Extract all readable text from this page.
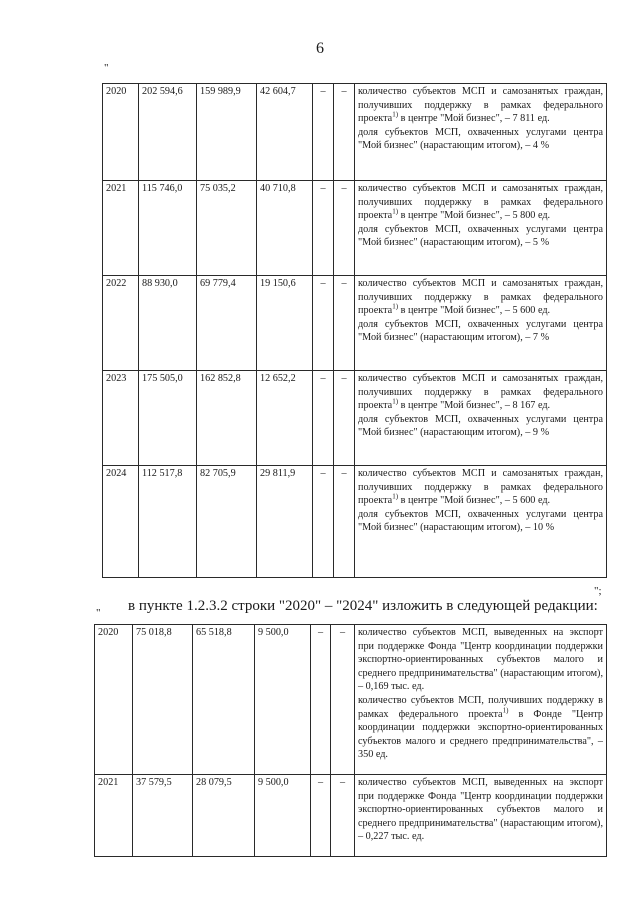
6
"
2020	202 594,6	159 989,9	42 604,7	–	–	количество субъектов МСП и самозанятых граждан, получивших поддержку в рамках федерального проекта$^{1)}$ в центре "Мой бизнес", – 7 811 ед.

доля субъектов МСП, охваченных услугами центра "Мой бизнес" (нарастающим итогом), – 4 %

2021	115 746,0	75 035,2	40 710,8	–	–	количество субъектов МСП и самозанятых граждан, получивших поддержку в рамках федерального проекта$^{1)}$ в центре "Мой бизнес", – 5 800 ед.

доля субъектов МСП, охваченных услугами центра "Мой бизнес" (нарастающим итогом), – 5 %

2022	88 930,0	69 779,4	19 150,6	–	–	количество субъектов МСП и самозанятых граждан, получивших поддержку в рамках федерального проекта$^{1)}$ в центре "Мой бизнес", – 5 600 ед.

доля субъектов МСП, охваченных услугами центра "Мой бизнес" (нарастающим итогом), – 7 %

2023	175 505,0	162 852,8	12 652,2	–	–	количество субъектов МСП и самозанятых граждан, получивших поддержку в рамках федерального проекта$^{1)}$ в центре "Мой бизнес", – 8 167 ед.

доля субъектов МСП, охваченных услугами центра "Мой бизнес" (нарастающим итогом), – 9 %

2024	112 517,8	82 705,9	29 811,9	–	–	количество субъектов МСП и самозанятых граждан, получивших поддержку в рамках федерального проекта$^{1)}$ в центре "Мой бизнес", – 5 600 ед.

доля субъектов МСП, охваченных услугами центра "Мой бизнес" (нарастающим итогом), – 10 %

";
в пункте 1.2.3.2 строки "2020" – "2024" изложить в следующей редакции:
"
2020	75 018,8	65 518,8	9 500,0	–	–	количество субъектов МСП, выведенных на экспорт при поддержке Фонда "Центр координации поддержки экспортно-ориентированных субъектов малого и среднего предпринимательства" (нарастающим итогом), – 0,169 тыс. ед.

количество субъектов МСП, получивших поддержку в рамках федерального проекта$^{1)}$ в Фонде "Центр координации поддержки экспортно-ориентированных субъектов малого и среднего предпринимательства", – 350 ед.

2021	37 579,5	28 079,5	9 500,0	–	–	количество субъектов МСП, выведенных на экспорт при поддержке Фонда "Центр координации поддержки экспортно-ориентированных субъектов малого и среднего предпринимательства" (нарастающим итогом), – 0,227 тыс. ед.
